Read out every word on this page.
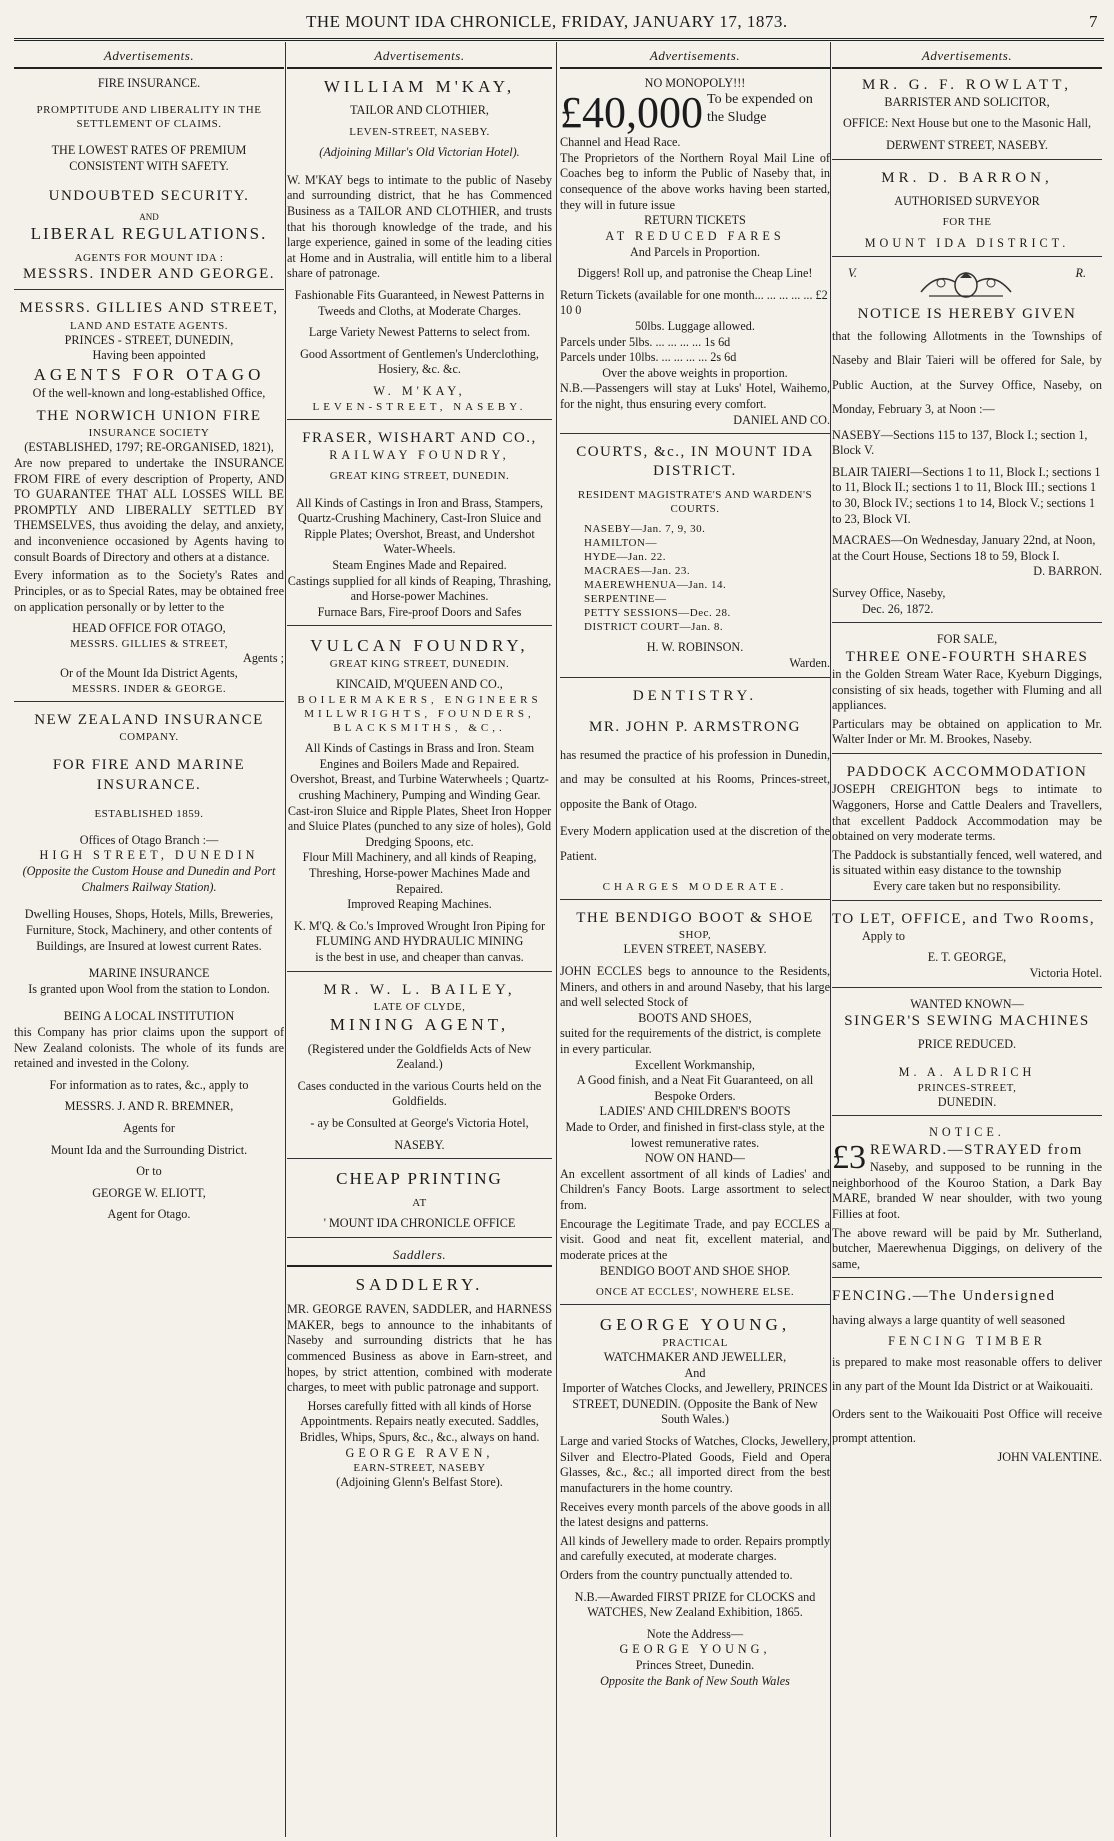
THE MOUNT IDA CHRONICLE, FRIDAY, JANUARY 17, 1873.	7
Advertisements.
FIRE INSURANCE.
PROMPTITUDE AND LIBERALITY IN THE SETTLEMENT OF CLAIMS.
THE LOWEST RATES OF PREMIUM CONSISTENT WITH SAFETY.
UNDOUBTED SECURITY.
AND
LIBERAL REGULATIONS.
AGENTS FOR MOUNT IDA :
MESSRS. INDER AND GEORGE.
MESSRS. GILLIES AND STREET,
LAND AND ESTATE AGENTS.
PRINCES - STREET, DUNEDIN,
Having been appointed
AGENTS FOR OTAGO
Of the well-known and long-established Office,
THE NORWICH UNION FIRE
INSURANCE SOCIETY
(ESTABLISHED, 1797; RE-ORGANISED, 1821),

Are now prepared to undertake the INSURANCE FROM FIRE of every description of Property, AND TO GUARANTEE THAT ALL LOSSES WILL BE PROMPTLY AND LIBERALLY SETTLED BY THEMSELVES, thus avoiding the delay, and anxiety, and inconvenience occasioned by Agents having to consult Boards of Directory and others at a distance.

Every information as to the Society's Rates and Principles, or as to Special Rates, may be obtained free on application personally or by letter to the

HEAD OFFICE FOR OTAGO,
MESSRS. GILLIES & STREET,
Agents ;
Or of the Mount Ida District Agents,
MESSRS. INDER & GEORGE.
NEW ZEALAND INSURANCE
COMPANY.
FOR FIRE AND MARINE
INSURANCE.
ESTABLISHED 1859.
Offices of Otago Branch :—
HIGH STREET, DUNEDIN
(Opposite the Custom House and Dunedin and Port Chalmers Railway Station).
Dwelling Houses, Shops, Hotels, Mills, Breweries, Furniture, Stock, Machinery, and other contents of Buildings, are Insured at lowest current Rates.
MARINE INSURANCE
Is granted upon Wool from the station to London.
BEING A LOCAL INSTITUTION

this Company has prior claims upon the support of New Zealand colonists. The whole of its funds are retained and invested in the Colony.

For information as to rates, &c., apply to
MESSRS. J. AND R. BREMNER,
Agents for
Mount Ida and the Surrounding District.
Or to
GEORGE W. ELIOTT,
Agent for Otago.
Advertisements.
WILLIAM M'KAY,
TAILOR AND CLOTHIER,
LEVEN-STREET, NASEBY.
(Adjoining Millar's Old Victorian Hotel).

W. M'KAY begs to intimate to the public of Naseby and surrounding district, that he has Commenced Business as a TAILOR AND CLOTHIER, and trusts that his thorough knowledge of the trade, and his large experience, gained in some of the leading cities at Home and in Australia, will entitle him to a liberal share of patronage.

Fashionable Fits Guaranteed, in Newest Patterns in Tweeds and Cloths, at Moderate Charges.
Large Variety Newest Patterns to select from.
Good Assortment of Gentlemen's Underclothing, Hosiery, &c. &c.
W. M'KAY,
LEVEN-STREET, NASEBY.
FRASER, WISHART AND CO.,
RAILWAY FOUNDRY,
GREAT KING STREET, DUNEDIN.
All Kinds of Castings in Iron and Brass, Stampers,
Quartz-Crushing Machinery, Cast-Iron Sluice and Ripple Plates; Overshot, Breast, and Undershot Water-Wheels.
Steam Engines Made and Repaired.
Castings supplied for all kinds of Reaping, Thrashing, and Horse-power Machines.
Furnace Bars, Fire-proof Doors and Safes
VULCAN FOUNDRY,
GREAT KING STREET, DUNEDIN.
KINCAID, M'QUEEN AND CO.,
BOILERMAKERS, ENGINEERS MILLWRIGHTS, FOUNDERS, BLACKSMITHS, &C,.
All Kinds of Castings in Brass and Iron. Steam Engines and Boilers Made and Repaired.
Overshot, Breast, and Turbine Waterwheels ; Quartz-crushing Machinery, Pumping and Winding Gear.
Cast-iron Sluice and Ripple Plates, Sheet Iron Hopper and Sluice Plates (punched to any size of holes), Gold Dredging Spoons, etc.
Flour Mill Machinery, and all kinds of Reaping, Threshing, Horse-power Machines Made and Repaired.
Improved Reaping Machines.
K. M'Q. & Co.'s Improved Wrought Iron Piping for
FLUMING AND HYDRAULIC MINING
is the best in use, and cheaper than canvas.
MR. W. L. BAILEY,
LATE OF CLYDE,
MINING AGENT,
(Registered under the Goldfields Acts of New Zealand.)
Cases conducted in the various Courts held on the Goldfields.
- ay be Consulted at George's Victoria Hotel,
NASEBY.
CHEAP PRINTING
AT
' MOUNT IDA CHRONICLE OFFICE
Saddlers.
SADDLERY.

MR. GEORGE RAVEN, SADDLER, and HARNESS MAKER, begs to announce to the inhabitants of Naseby and surrounding districts that he has commenced Business as above in Earn-street, and hopes, by strict attention, combined with moderate charges, to meet with public patronage and support.

Horses carefully fitted with all kinds of Horse Appointments. Repairs neatly executed. Saddles, Bridles, Whips, Spurs, &c., &c., always on hand.

GEORGE RAVEN,
EARN-STREET, NASEBY
(Adjoining Glenn's Belfast Store).
Advertisements.
NO MONOPOLY!!!
£40,000 To be expended on the Sludge
Channel and Head Race.

The Proprietors of the Northern Royal Mail Line of Coaches beg to inform the Public of Naseby that, in consequence of the above works having been started, they will in future issue

RETURN TICKETS
AT REDUCED FARES
And Parcels in Proportion.
Diggers! Roll up, and patronise the Cheap Line!
Return Tickets (available for one month... ... ... ... ... £2 10 0
50lbs. Luggage allowed.
Parcels under 5lbs. ... ... ... ... 1s 6d
Parcels under 10lbs. ... ... ... ... 2s 6d
Over the above weights in proportion.

N.B.—Passengers will stay at Luks' Hotel, Waihemo, for the night, thus ensuring every comfort.

DANIEL AND CO.
COURTS, &c., IN MOUNT IDA DISTRICT.
RESIDENT MAGISTRATE'S AND WARDEN'S COURTS.
NASEBY—Jan. 7, 9, 30.
HAMILTON—
HYDE—Jan. 22.
MACRAES—Jan. 23.
MAEREWHENUA—Jan. 14.
SERPENTINE—
PETTY SESSIONS—Dec. 28.
DISTRICT COURT—Jan. 8.
H. W. ROBINSON.
Warden.
DENTISTRY.
MR. JOHN P. ARMSTRONG

has resumed the practice of his profession in Dunedin, and may be consulted at his Rooms, Princes-street, opposite the Bank of Otago.

Every Modern application used at the discretion of the Patient.

CHARGES MODERATE.
THE BENDIGO BOOT & SHOE
SHOP,
LEVEN STREET, NASEBY.

JOHN ECCLES begs to announce to the Residents, Miners, and others in and around Naseby, that his large and well selected Stock of

BOOTS AND SHOES,

suited for the requirements of the district, is complete in every particular.

Excellent Workmanship,
A Good finish, and a Neat Fit Guaranteed, on all Bespoke Orders.
LADIES' AND CHILDREN'S BOOTS
Made to Order, and finished in first-class style, at the lowest remunerative rates.
NOW ON HAND—

An excellent assortment of all kinds of Ladies' and Children's Fancy Boots. Large assortment to select from.

Encourage the Legitimate Trade, and pay ECCLES a visit. Good and neat fit, excellent material, and moderate prices at the

BENDIGO BOOT AND SHOE SHOP.
ONCE AT ECCLES', NOWHERE ELSE.
GEORGE YOUNG,
PRACTICAL
WATCHMAKER AND JEWELLER,
And
Importer of Watches Clocks, and Jewellery, PRINCES STREET, DUNEDIN. (Opposite the Bank of New South Wales.)

Large and varied Stocks of Watches, Clocks, Jewellery, Silver and Electro-Plated Goods, Field and Opera Glasses, &c., &c.; all imported direct from the best manufacturers in the home country.

Receives every month parcels of the above goods in all the latest designs and patterns.

All kinds of Jewellery made to order. Repairs promptly and carefully executed, at moderate charges.

Orders from the country punctually attended to.

N.B.—Awarded FIRST PRIZE for CLOCKS and WATCHES, New Zealand Exhibition, 1865.
Note the Address—
GEORGE YOUNG,
Princes Street, Dunedin.
Opposite the Bank of New South Wales
Advertisements.
MR. G. F. ROWLATT,
BARRISTER AND SOLICITOR,
OFFICE: Next House but one to the Masonic Hall,
DERWENT STREET, NASEBY.
MR. D. BARRON,
AUTHORISED SURVEYOR
FOR THE
MOUNT IDA DISTRICT.
V.	R.
NOTICE IS HEREBY GIVEN

that the following Allotments in the Townships of Naseby and Blair Taieri will be offered for Sale, by Public Auction, at the Survey Office, Naseby, on Monday, February 3, at Noon :—

NASEBY—Sections 115 to 137, Block I.; section 1, Block V.
BLAIR TAIERI—Sections 1 to 11, Block I.; sections 1 to 11, Block II.; sections 1 to 11, Block III.; sections 1 to 30, Block IV.; sections 1 to 14, Block V.; sections 1 to 23, Block VI.
MACRAES—On Wednesday, January 22nd, at Noon, at the Court House, Sections 18 to 59, Block I.
D. BARRON.
Survey Office, Naseby,
Dec. 26, 1872.
FOR SALE,
THREE ONE-FOURTH SHARES

in the Golden Stream Water Race, Kyeburn Diggings, consisting of six heads, together with Fluming and all appliances.

Particulars may be obtained on application to Mr. Walter Inder or Mr. M. Brookes, Naseby.

PADDOCK ACCOMMODATION

JOSEPH CREIGHTON begs to intimate to Waggoners, Horse and Cattle Dealers and Travellers, that excellent Paddock Accommodation may be obtained on very moderate terms.

The Paddock is substantially fenced, well watered, and is situated within easy distance to the township

Every care taken but no responsibility.
TO LET, OFFICE, and Two Rooms,
Apply to
E. T. GEORGE,
Victoria Hotel.
WANTED KNOWN—
SINGER'S SEWING MACHINES
PRICE REDUCED.
M. A. ALDRICH
PRINCES-STREET,
DUNEDIN.
NOTICE.
£3 REWARD.—STRAYED from

Naseby, and supposed to be running in the neighborhood of the Kouroo Station, a Dark Bay MARE, branded W near shoulder, with two young Fillies at foot.

The above reward will be paid by Mr. Sutherland, butcher, Maerewhenua Diggings, on delivery of the same,

FENCING.—The Undersigned
having always a large quantity of well seasoned
FENCING TIMBER

is prepared to make most reasonable offers to deliver in any part of the Mount Ida District or at Waikouaiti.

Orders sent to the Waikouaiti Post Office will receive prompt attention.

JOHN VALENTINE.
